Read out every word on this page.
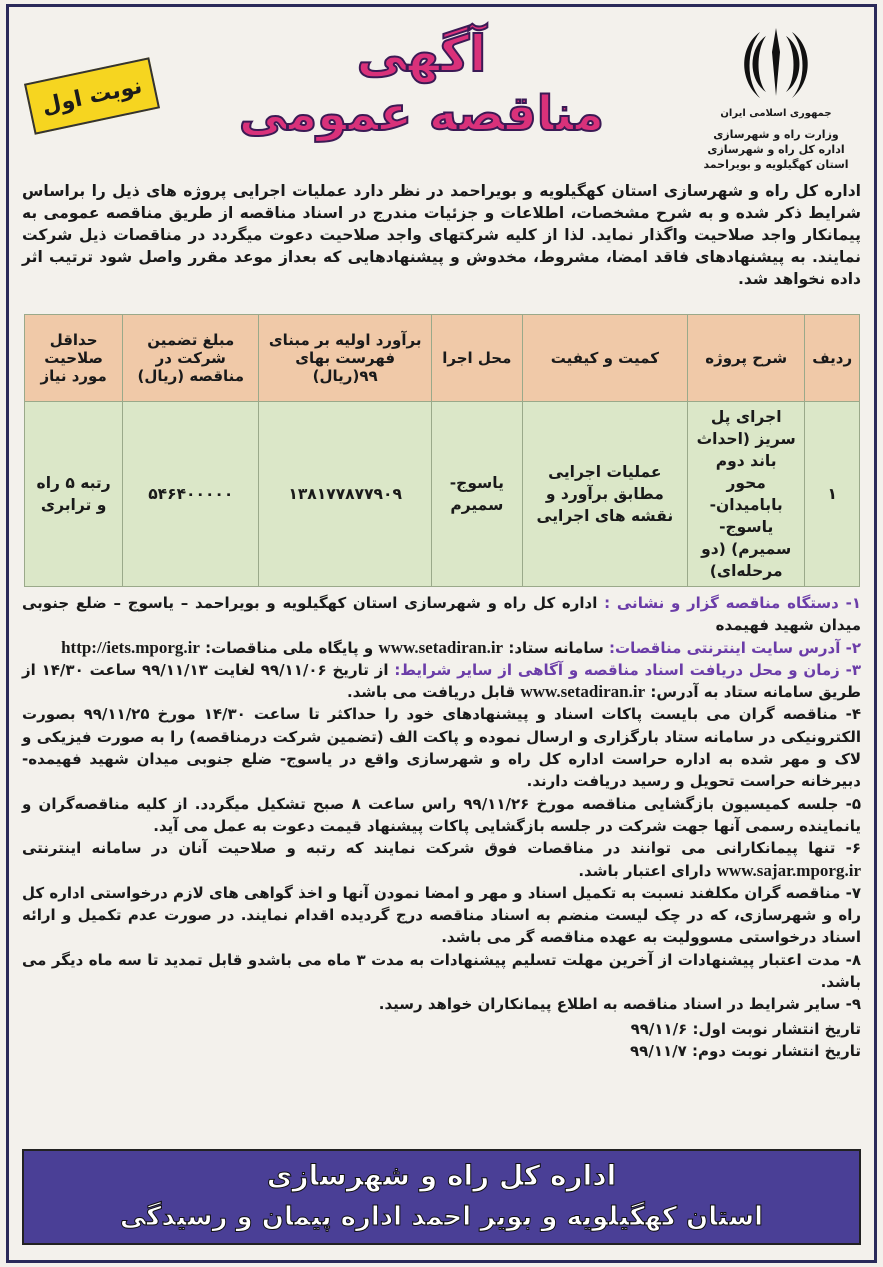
جمهوری اسلامی ایران
وزارت راه و شهرسازی
اداره کل راه و شهرسازی
استان کهگیلویه و بویراحمد
آگهی
مناقصه عمومی
نوبت اول
اداره کل راه و شهرسازی استان کهگیلویه و بویراحمد در نظر دارد عملیات اجرایی پروژه های ذیل را براساس شرایط ذکر شده و به شرح مشخصات، اطلاعات و جزئیات مندرج در اسناد مناقصه از طریق مناقصه عمومی به پیمانکار واجد صلاحیت واگذار نماید. لذا از کلیه شرکتهای واجد صلاحیت دعوت میگردد در مناقصات ذیل شرکت نمایند. به پیشنهادهای فاقد امضا، مشروط، مخدوش و پیشنهادهایی که بعداز موعد مقرر واصل شود ترتیب اثر داده نخواهد شد.
ردیف	شرح پروژه	کمیت و کیفیت	محل اجرا	برآورد اولیه بر مبنای فهرست بهای ۹۹(ریال)	مبلغ تضمین شرکت در مناقصه (ریال)	حداقل صلاحیت مورد نیاز
۱	اجرای پل سریز (احداث باند دوم محور بابامیدان- یاسوج- سمیرم) (دو مرحله‌ای)	عملیات اجرایی مطابق برآورد و نقشه های اجرایی	یاسوج- سمیرم	۱۳۸۱۷۷۸۷۷۹۰۹	۵۴۶۴۰۰۰۰۰	رتبه ۵ راه و ترابری
۱- دستگاه مناقصه گزار و نشانی : اداره کل راه و شهرسازی استان کهگیلویه و بویراحمد – یاسوج – ضلع جنوبی میدان شهید فهیمده
۲- آدرس سایت اینترنتی مناقصات: سامانه ستاد: www.setadiran.ir و پایگاه ملی مناقصات: http://iets.mporg.ir
۳- زمان و محل دریافت اسناد مناقصه و آگاهی از سایر شرایط: از تاریخ ۹۹/۱۱/۰۶ لغایت ۹۹/۱۱/۱۳ ساعت ۱۴/۳۰ از طریق سامانه ستاد به آدرس: www.setadiran.ir قابل دریافت می باشد.
۴- مناقصه گران می بایست پاکات اسناد و پیشنهادهای خود را حداکثر تا ساعت ۱۴/۳۰ مورخ ۹۹/۱۱/۲۵ بصورت الکترونیکی در سامانه ستاد بارگزاری و ارسال نموده و پاکت الف (تضمین شرکت درمناقصه) را به صورت فیزیکی و لاک و مهر شده به اداره حراست اداره کل راه و شهرسازی واقع در یاسوج- ضلع جنوبی میدان شهید فهیمده- دبیرخانه حراست تحویل و رسید دریافت دارند.
۵- جلسه کمیسیون بازگشایی مناقصه مورخ ۹۹/۱۱/۲۶ راس ساعت ۸ صبح تشکیل میگردد. از کلیه مناقصه‌گران و یانماینده رسمی آنها جهت شرکت در جلسه بازگشایی پاکات پیشنهاد قیمت دعوت به عمل می آید.
۶- تنها پیمانکارانی می توانند در مناقصات فوق شرکت نمایند که رتبه و صلاحیت آنان در سامانه اینترنتی www.sajar.mporg.ir دارای اعتبار باشد.
۷- مناقصه گران مکلفند نسبت به تکمیل اسناد و مهر و امضا نمودن آنها و اخذ گواهی های لازم درخواستی اداره کل راه و شهرسازی، که در چک لیست منضم به اسناد مناقصه درج گردیده اقدام نمایند. در صورت عدم تکمیل و ارائه اسناد درخواستی مسوولیت به عهده مناقصه گر می باشد.
۸- مدت اعتبار پیشنهادات از آخرین مهلت تسلیم پیشنهادات به مدت ۳ ماه می باشدو قابل تمدید تا سه ماه دیگر می باشد.
۹- سایر شرایط در اسناد مناقصه به اطلاع پیمانکاران خواهد رسید.
تاریخ انتشار نوبت اول: ۹۹/۱۱/۶
تاریخ انتشار نوبت دوم: ۹۹/۱۱/۷
اداره کل راه و شهرسازی
استان کهگیلویه و بویر احمد اداره پیمان و رسیدگی
